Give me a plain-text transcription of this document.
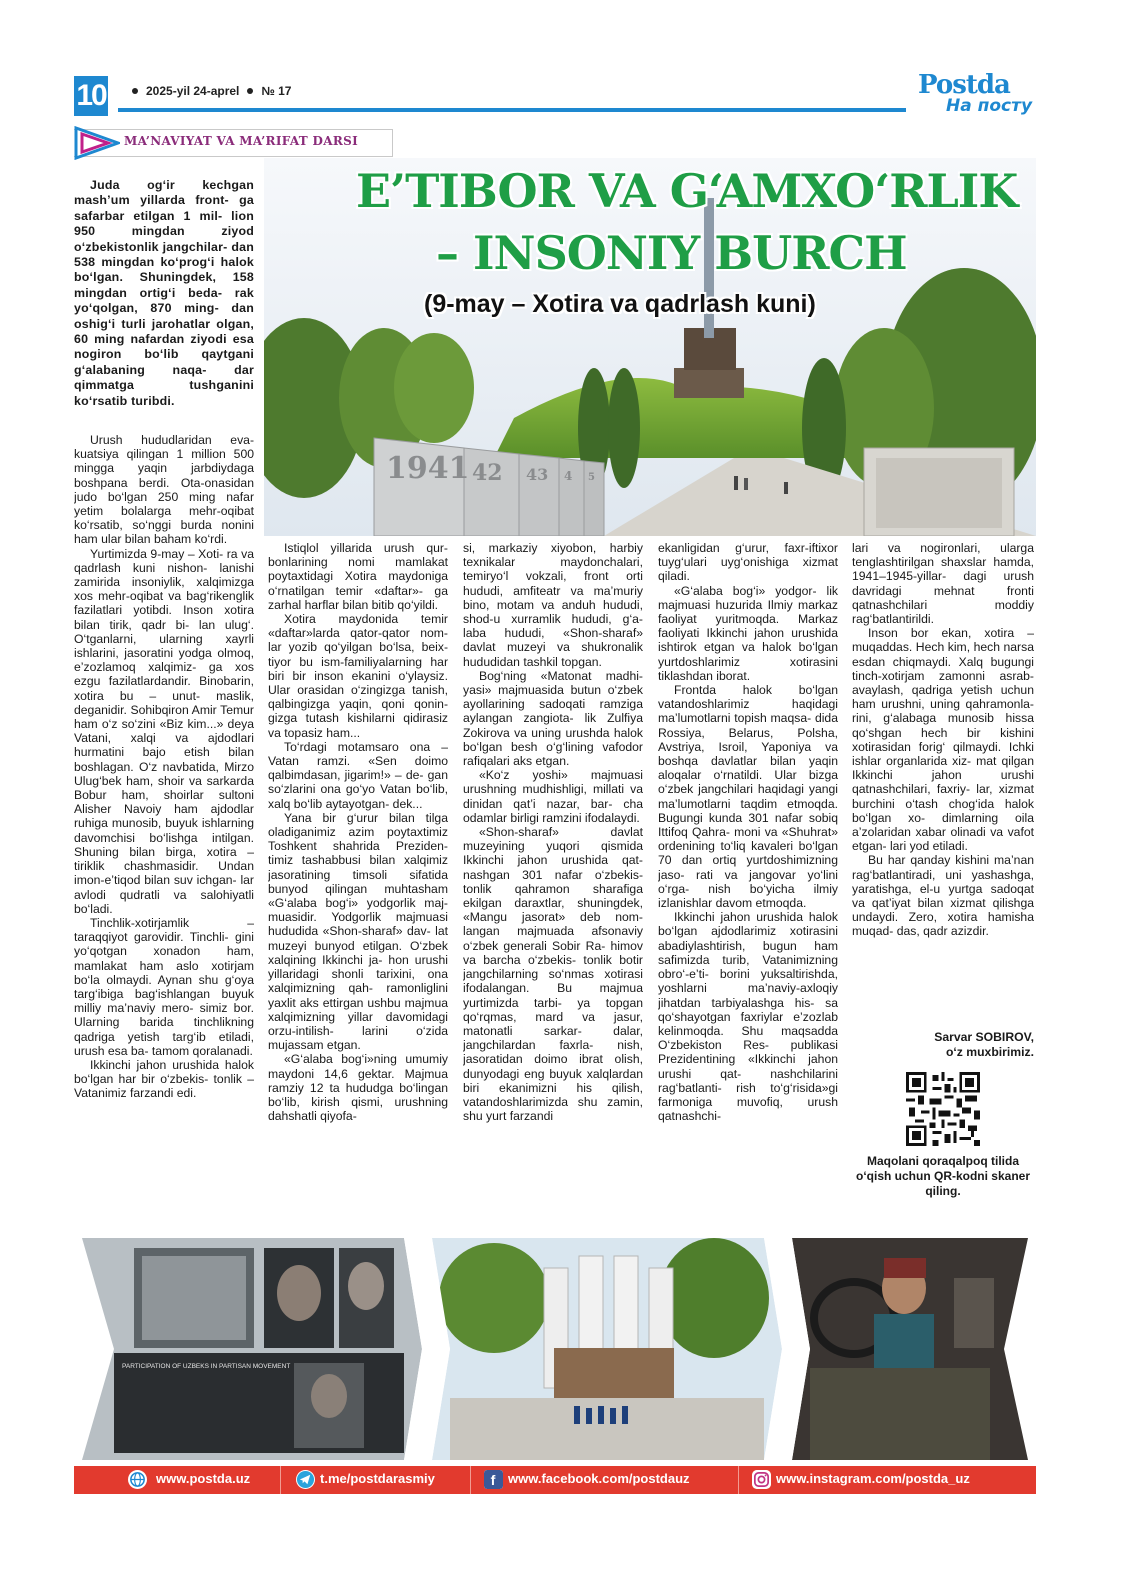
10	2025-yil 24-aprel № 17	Postda
На посту
MA’NAVIYAT VA MA’RIFAT DARSI
1941 42 43 4 5
E’TIBOR VA G‘AMXO‘RLIK
– INSONIY BURCH
(9-may – Xotira va qadrlash kuni)

Juda og‘ir kechgan mash’um yillarda front- ga safarbar etilgan 1 mil- lion 950 mingdan ziyod o‘zbekistonlik jangchilar- dan 538 mingdan ko‘prog‘i halok bo‘lgan. Shuningdek, 158 mingdan ortig‘i beda- rak yo‘qolgan, 870 ming- dan oshig‘i turli jarohatlar olgan, 60 ming nafardan ziyodi esa nogiron bo‘lib qaytgani g‘alabaning naqa- dar qimmatga tushganini ko‘rsatib turibdi.

Urush hududlaridan eva- kuatsiya qilingan 1 million 500 mingga yaqin jarbdiydaga boshpana berdi. Ota-onasidan judo bo‘lgan 250 ming nafar yetim bolalarga mehr-oqibat ko‘rsatib, so‘nggi burda nonini ham ular bilan baham ko‘rdi.

Yurtimizda 9-may – Xoti- ra va qadrlash kuni nishon- lanishi zamirida insoniylik, xalqimizga xos mehr-oqibat va bag‘rikenglik fazilatlari yotibdi. Inson xotira bilan tirik, qadr bi- lan ulug‘. O‘tganlarni, ularning xayrli ishlarini, jasoratini yodga olmoq, e’zozlamoq xalqimiz- ga xos ezgu fazilatlardandir. Binobarin, xotira bu – unut- maslik, deganidir. Sohibqiron Amir Temur ham o‘z so‘zini «Biz kim...» deya Vatani, xalqi va ajdodlari hurmatini bajo etish bilan boshlagan. O‘z navbatida, Mirzo Ulug‘bek ham, shoir va sarkarda Bobur ham, shoirlar sultoni Alisher Navoiy ham ajdodlar ruhiga munosib, buyuk ishlarning davomchisi bo‘lishga intilgan. Shuning bilan birga, xotira – tiriklik chashmasidir. Undan imon-e’tiqod bilan suv ichgan- lar avlodi qudratli va salohiyatli bo‘ladi.

Tinchlik-xotirjamlik – taraqqiyot garovidir. Tinchli- gini yo‘qotgan xonadon ham, mamlakat ham aslo xotirjam bo‘la olmaydi. Aynan shu g‘oya targ‘ibiga bag‘ishlangan buyuk milliy ma’naviy mero- simiz bor. Ularning barida tinchlikning qadriga yetish targ‘ib etiladi, urush esa ba- tamom qoralanadi.

Ikkinchi jahon urushida halok bo‘lgan har bir o‘zbekis- tonlik – Vatanimiz farzandi edi.

Istiqlol yillarida urush qur- bonlarining nomi mamlakat poytaxtidagi Xotira maydoniga o‘rnatilgan temir «daftar»- ga zarhal harflar bilan bitib qo‘yildi.

Xotira maydonida temir «daftar»larda qator-qator nom- lar yozib qo‘yilgan bo‘lsa, beix- tiyor bu ism-familiyalarning har biri bir inson ekanini o‘ylaysiz. Ular orasidan o‘zingizga tanish, qalbingizga yaqin, qoni qonin- gizga tutash kishilarni qidirasiz va topasiz ham...

To‘rdagi motamsaro ona – Vatan ramzi. «Sen doimo qalbimdasan, jigarim!» – de- gan so‘zlarini ona go‘yo Vatan bo‘lib, xalq bo‘lib aytayotgan- dek...

Yana bir g‘urur bilan tilga oladiganimiz azim poytaxtimiz Toshkent shahrida Preziden- timiz tashabbusi bilan xalqimiz jasoratining timsoli sifatida bunyod qilingan muhtasham «G‘alaba bog‘i» yodgorlik maj- muasidir. Yodgorlik majmuasi hududida «Shon-sharaf» dav- lat muzeyi bunyod etilgan. O‘zbek xalqining Ikkinchi ja- hon urushi yillaridagi shonli tarixini, ona xalqimizning qah- ramonliglini yaxlit aks ettirgan ushbu majmua xalqimizning yillar davomidagi orzu-intilish- larini o‘zida mujassam etgan.

«G‘alaba bog‘i»ning umumiy maydoni 14,6 gektar. Majmua ramziy 12 ta hududga bo‘lingan bo‘lib, kirish qismi, urushning dahshatli qiyofa-

si, markaziy xiyobon, harbiy texnikalar maydonchalari, temiryo‘l vokzali, front orti hududi, amfiteatr va ma’muriy bino, motam va anduh hududi, shod-u xurramlik hududi, g‘a- laba hududi, «Shon-sharaf» davlat muzeyi va shukronalik hududidan tashkil topgan.

Bog‘ning «Matonat madhi- yasi» majmuasida butun o‘zbek ayollarining sadoqati ramziga aylangan zangiota- lik Zulfiya Zokirova va uning urushda halok bo‘lgan besh o‘g‘lining vafodor rafiqalari aks etgan.

«Ko‘z yoshi» majmuasi urushning mudhishligi, millati va dinidan qat’i nazar, bar- cha odamlar birligi ramzini ifodalaydi.

«Shon-sharaf» davlat muzeyining yuqori qismida Ikkinchi jahon urushida qat- nashgan 301 nafar o‘zbekis- tonlik qahramon sharafiga ekilgan daraxtlar, shuningdek, «Mangu jasorat» deb nom- langan majmuada afsonaviy o‘zbek generali Sobir Ra- himov va barcha o‘zbekis- tonlik botir jangchilarning so‘nmas xotirasi ifodalangan. Bu majmua yurtimizda tarbi- ya topgan qo‘rqmas, mard va jasur, matonatli sarkar- dalar, jangchilardan faxrla- nish, jasoratidan doimo ibrat olish, dunyodagi eng buyuk xalqlardan biri ekanimizni his qilish, vatandoshlarimizda shu zamin, shu yurt farzandi

ekanligidan g‘urur, faxr-iftixor tuyg‘ulari uyg‘onishiga xizmat qiladi.

«G‘alaba bog‘i» yodgor- lik majmuasi huzurida Ilmiy markaz faoliyat yuritmoqda. Markaz faoliyati Ikkinchi jahon urushida ishtirok etgan va halok bo‘lgan yurtdoshlarimiz xotirasini tiklashdan iborat.

Frontda halok bo‘lgan vatandoshlarimiz haqidagi ma’lumotlarni topish maqsa- dida Rossiya, Belarus, Polsha, Avstriya, Isroil, Yaponiya va boshqa davlatlar bilan yaqin aloqalar o‘rnatildi. Ular bizga o‘zbek jangchilari haqidagi yangi ma’lumotlarni taqdim etmoqda. Bugungi kunda 301 nafar sobiq Ittifoq Qahra- moni va «Shuhrat» ordenining to‘liq kavaleri bo‘lgan 70 dan ortiq yurtdoshimizning jaso- rati va jangovar yo‘lini o‘rga- nish bo‘yicha ilmiy izlanishlar davom etmoqda.

Ikkinchi jahon urushida halok bo‘lgan ajdodlarimiz xotirasini abadiylashtirish, bugun ham safimizda turib, Vatanimizning obro‘-e’ti- borini yuksaltirishda, yoshlarni ma’naviy-axloqiy jihatdan tarbiyalashga his- sa qo‘shayotgan faxriylar e’zozlab kelinmoqda. Shu maqsadda O‘zbekiston Res- publikasi Prezidentining «Ikkinchi jahon urushi qat- nashchilarini rag‘batlanti- rish to‘g‘risida»gi farmoniga muvofiq, urush qatnashchi-

lari va nogironlari, ularga tenglashtirilgan shaxslar hamda, 1941–1945-yillar- dagi urush davridagi mehnat fronti qatnashchilari moddiy rag‘batlantirildi.

Inson bor ekan, xotira – muqaddas. Hech kim, hech narsa esdan chiqmaydi. Xalq bugungi tinch-xotirjam zamonni asrab-avaylash, qadriga yetish uchun ham urushni, uning qahramonla- rini, g‘alabaga munosib hissa qo‘shgan hech bir kishini xotirasidan forig‘ qilmaydi. Ichki ishlar organlarida xiz- mat qilgan Ikkinchi jahon urushi qatnashchilari, faxriy- lar, xizmat burchini o‘tash chog‘ida halok bo‘lgan xo- dimlarning oila a’zolaridan xabar olinadi va vafot etgan- lari yod etiladi.

Bu har qanday kishini ma’nan rag‘batlantiradi, uni yashashga, yaratishga, el-u yurtga sadoqat va qat’iyat bilan xizmat qilishga undaydi. Zero, xotira hamisha muqad- das, qadr azizdir.

Sarvar SOBIROV,
o‘z muxbirimiz.
Maqolani qoraqalpoq tilida o‘qish uchun QR-kodni skaner qiling.
PARTICIPATION OF UZBEKS IN PARTISAN MOVEMENT
www.postda.uz	t.me/postdarasmiy	f www.facebook.com/postdauz	www.instagram.com/postda_uz
